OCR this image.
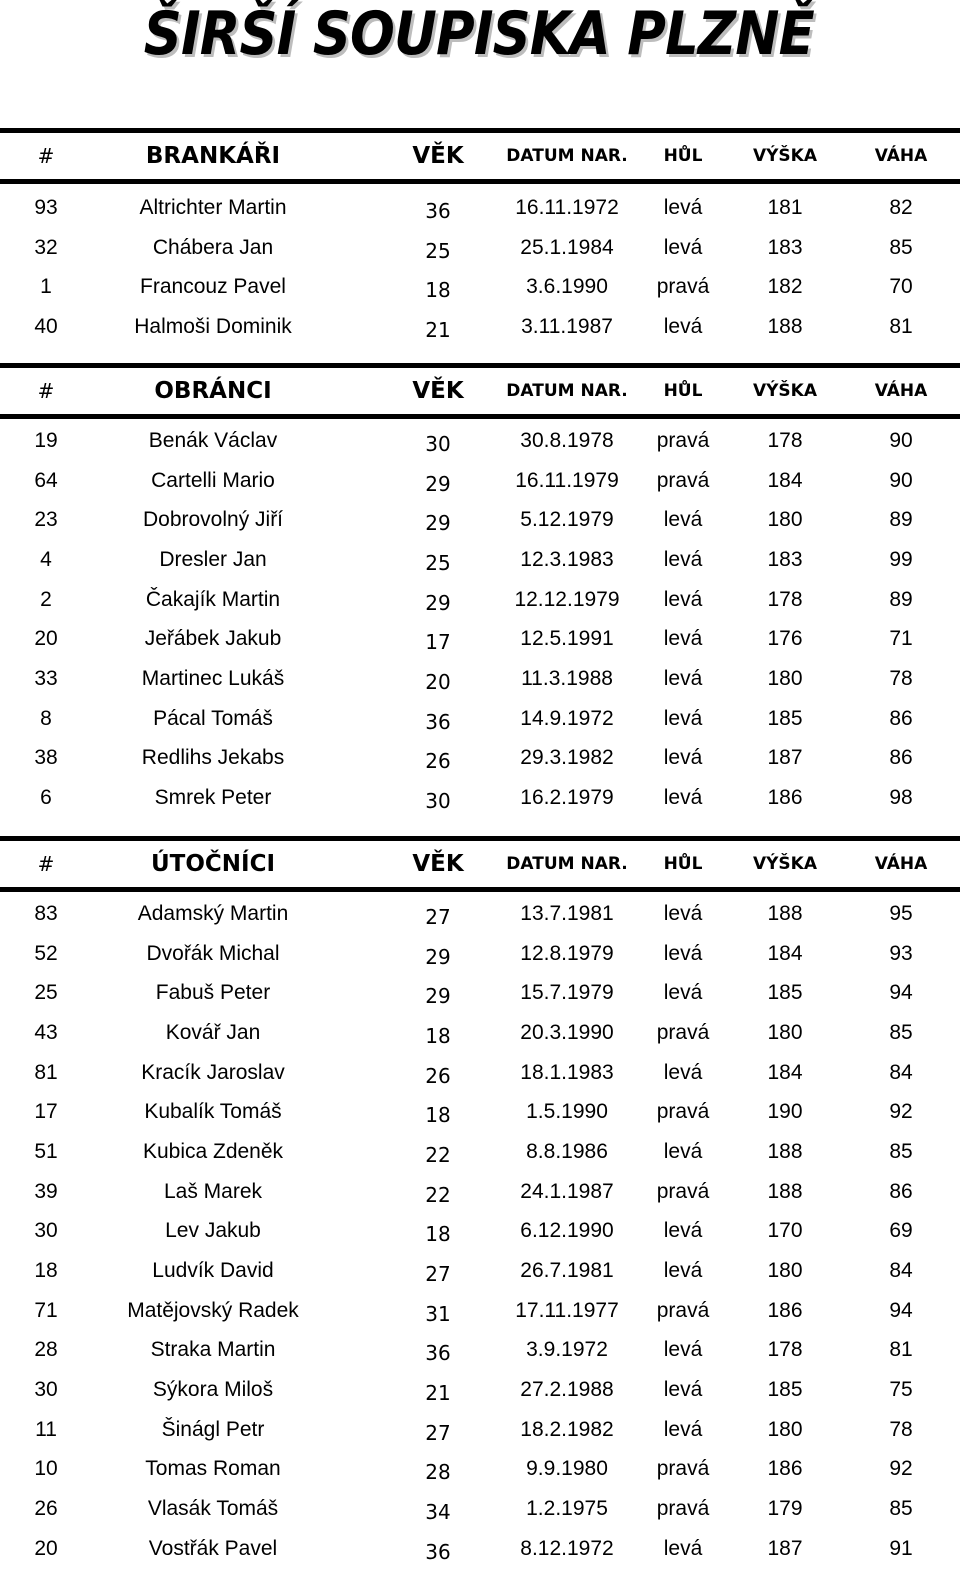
ŠIRŠÍ SOUPISKA PLZNĚ
#	BRANKÁŘI	VĚK	DATUM NAR.	HŮL	VÝŠKA	VÁHA
93	Altrichter Martin	36	16.11.1972	levá	181	82
32	Chábera Jan	25	25.1.1984	levá	183	85
1	Francouz Pavel	18	3.6.1990	pravá	182	70
40	Halmoši Dominik	21	3.11.1987	levá	188	81
#	OBRÁNCI	VĚK	DATUM NAR.	HŮL	VÝŠKA	VÁHA
19	Benák Václav	30	30.8.1978	pravá	178	90
64	Cartelli Mario	29	16.11.1979	pravá	184	90
23	Dobrovolný Jiří	29	5.12.1979	levá	180	89
4	Dresler Jan	25	12.3.1983	levá	183	99
2	Čakajík Martin	29	12.12.1979	levá	178	89
20	Jeřábek Jakub	17	12.5.1991	levá	176	71
33	Martinec Lukáš	20	11.3.1988	levá	180	78
8	Pácal Tomáš	36	14.9.1972	levá	185	86
38	Redlihs Jekabs	26	29.3.1982	levá	187	86
6	Smrek Peter	30	16.2.1979	levá	186	98
#	ÚTOČNÍCI	VĚK	DATUM NAR.	HŮL	VÝŠKA	VÁHA
83	Adamský Martin	27	13.7.1981	levá	188	95
52	Dvořák Michal	29	12.8.1979	levá	184	93
25	Fabuš Peter	29	15.7.1979	levá	185	94
43	Kovář Jan	18	20.3.1990	pravá	180	85
81	Kracík Jaroslav	26	18.1.1983	levá	184	84
17	Kubalík Tomáš	18	1.5.1990	pravá	190	92
51	Kubica Zdeněk	22	8.8.1986	levá	188	85
39	Laš Marek	22	24.1.1987	pravá	188	86
30	Lev Jakub	18	6.12.1990	levá	170	69
18	Ludvík David	27	26.7.1981	levá	180	84
71	Matějovský Radek	31	17.11.1977	pravá	186	94
28	Straka Martin	36	3.9.1972	levá	178	81
30	Sýkora Miloš	21	27.2.1988	levá	185	75
11	Šinágl Petr	27	18.2.1982	levá	180	78
10	Tomas Roman	28	9.9.1980	pravá	186	92
26	Vlasák Tomáš	34	1.2.1975	pravá	179	85
20	Vostřák Pavel	36	8.12.1972	levá	187	91
